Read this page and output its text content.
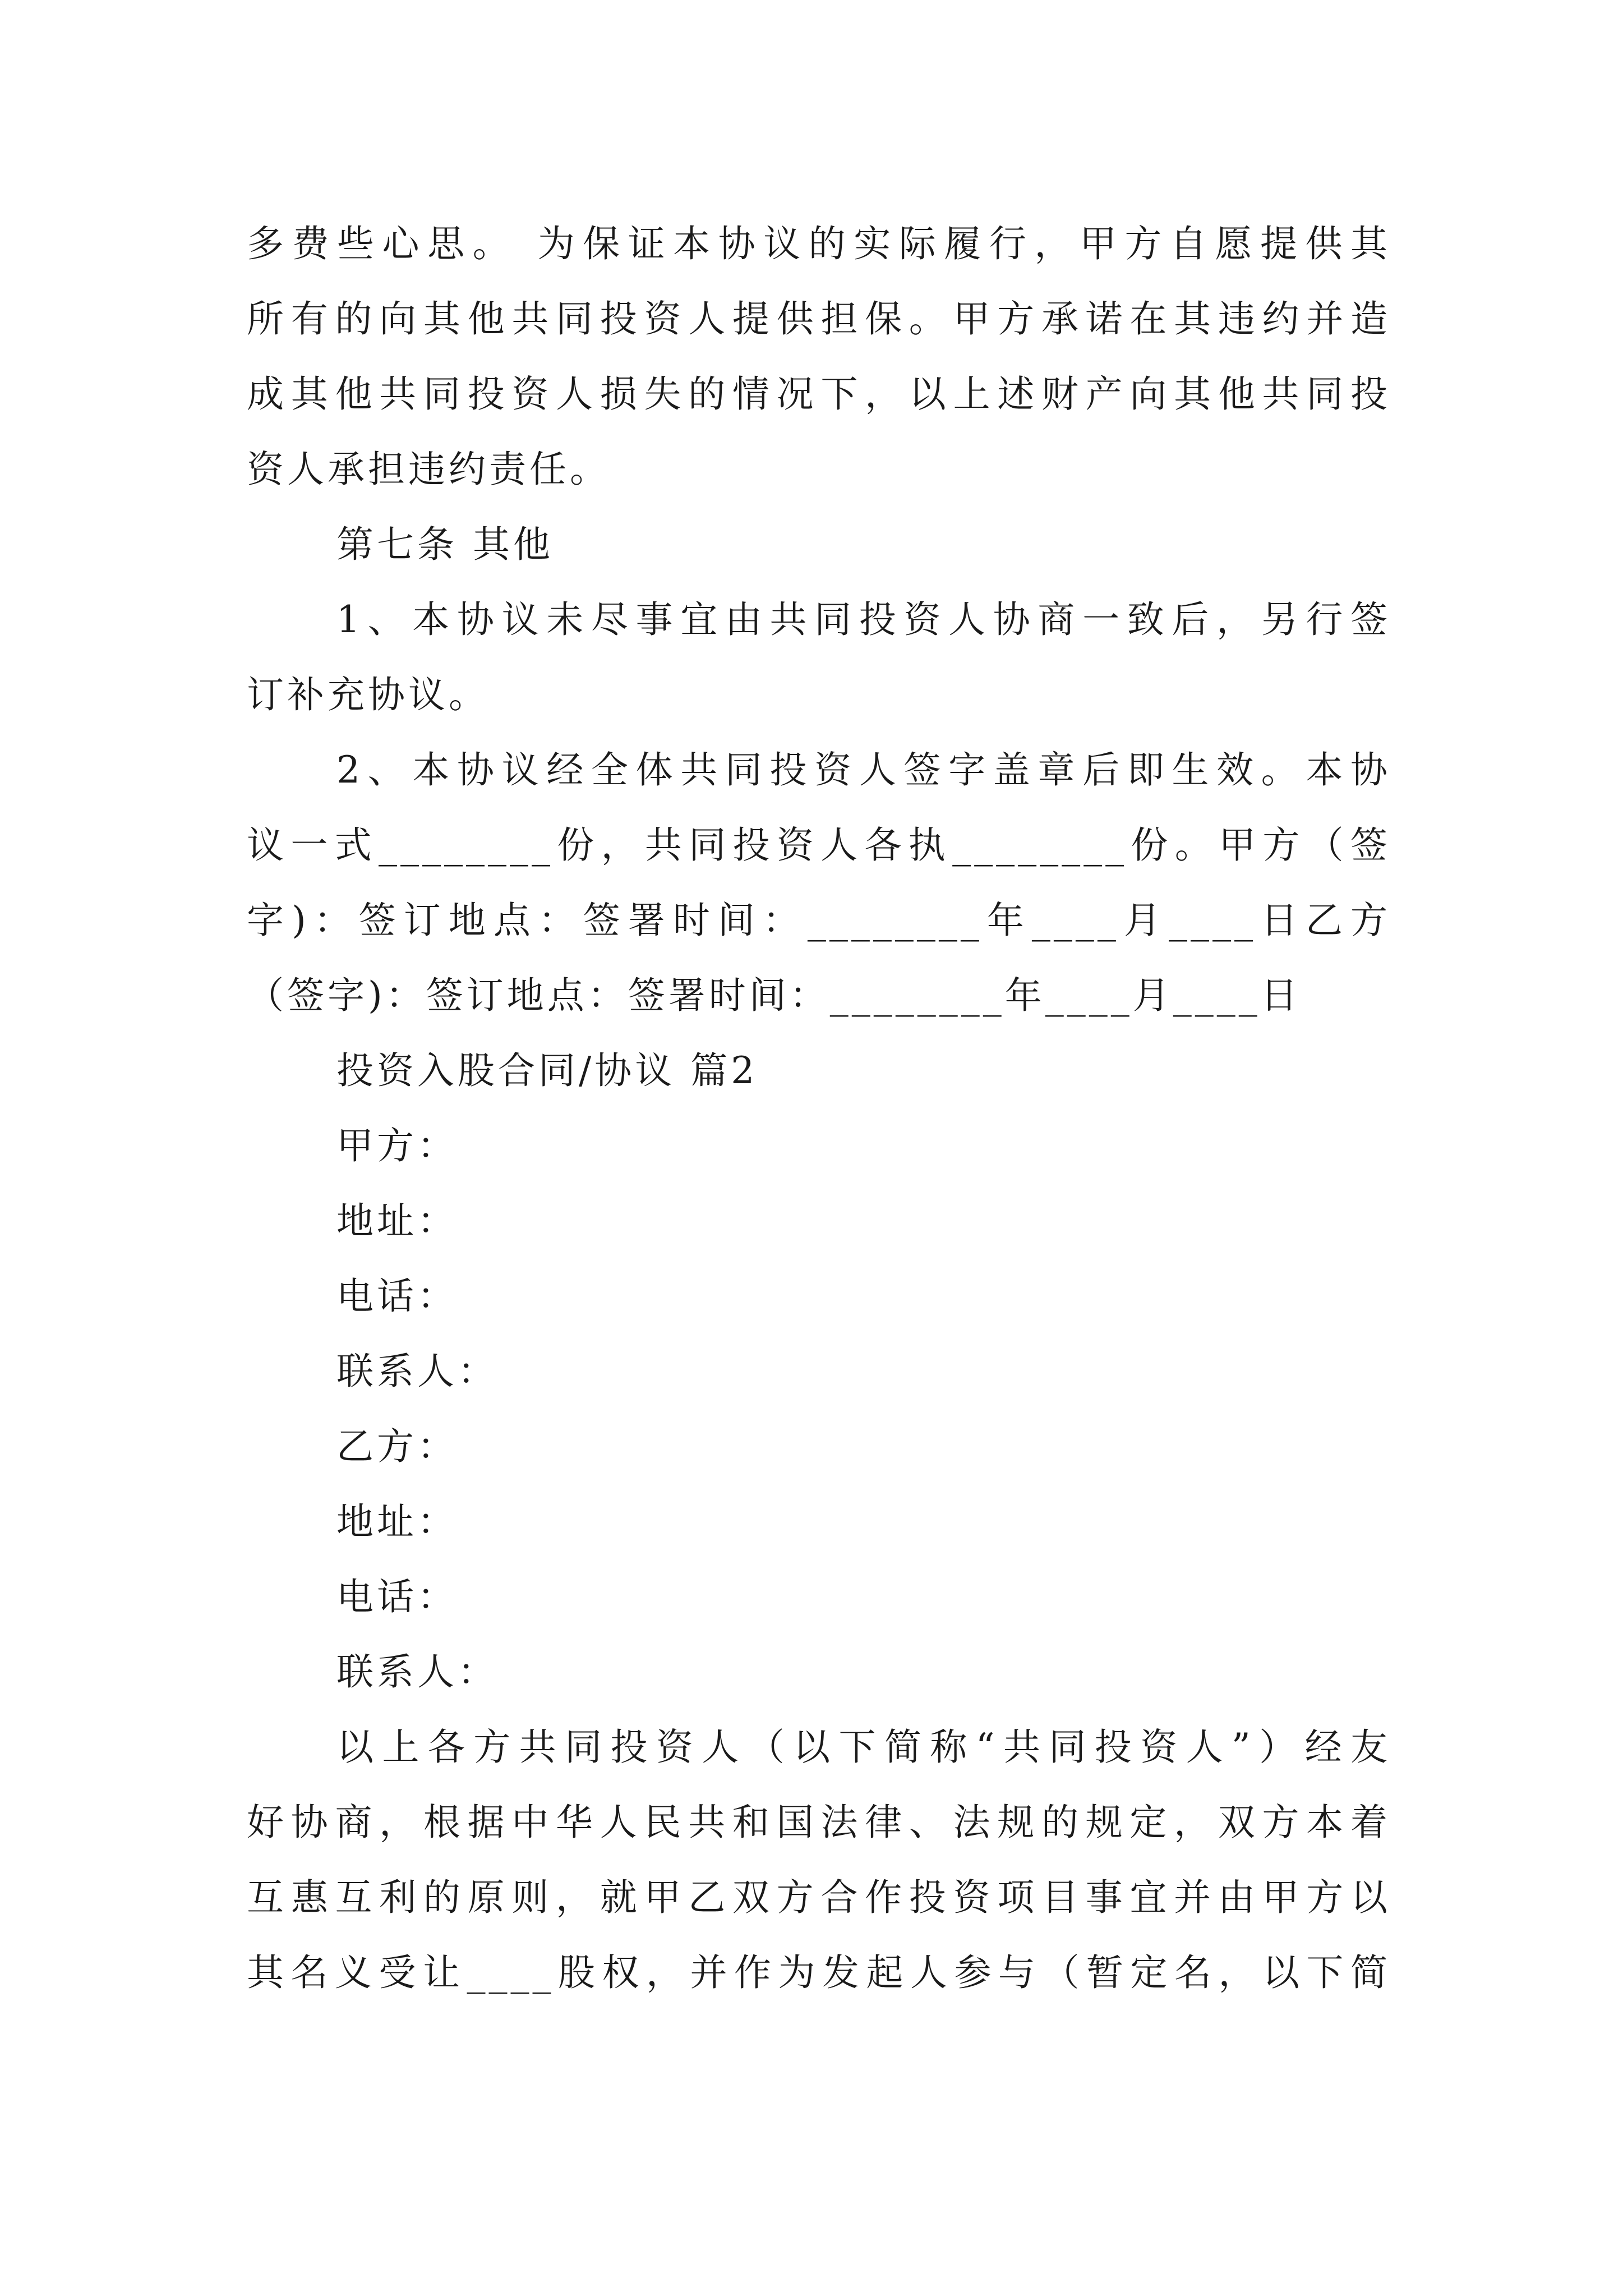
多费些心思。 为保证本协议的实际履行，甲方自愿提供其
所有的向其他共同投资人提供担保。甲方承诺在其违约并造
成其他共同投资人损失的情况下，以上述财产向其他共同投
资人承担违约责任。
第七条 其他
1、本协议未尽事宜由共同投资人协商一致后，另行签
订补充协议。
2、本协议经全体共同投资人签字盖章后即生效。本协
议一式________份，共同投资人各执________份。甲方（签
字)：签订地点：签署时间：________年____月____日乙方
（签字)：签订地点：签署时间：________年____月____日
投资入股合同/协议 篇2
甲方：
地址：
电话：
联系人：
乙方：
地址：
电话：
联系人：
以上各方共同投资人（以下简称“共同投资人”）经友
好协商，根据中华人民共和国法律、法规的规定，双方本着
互惠互利的原则，就甲乙双方合作投资项目事宜并由甲方以
其名义受让____股权，并作为发起人参与（暂定名，以下简
